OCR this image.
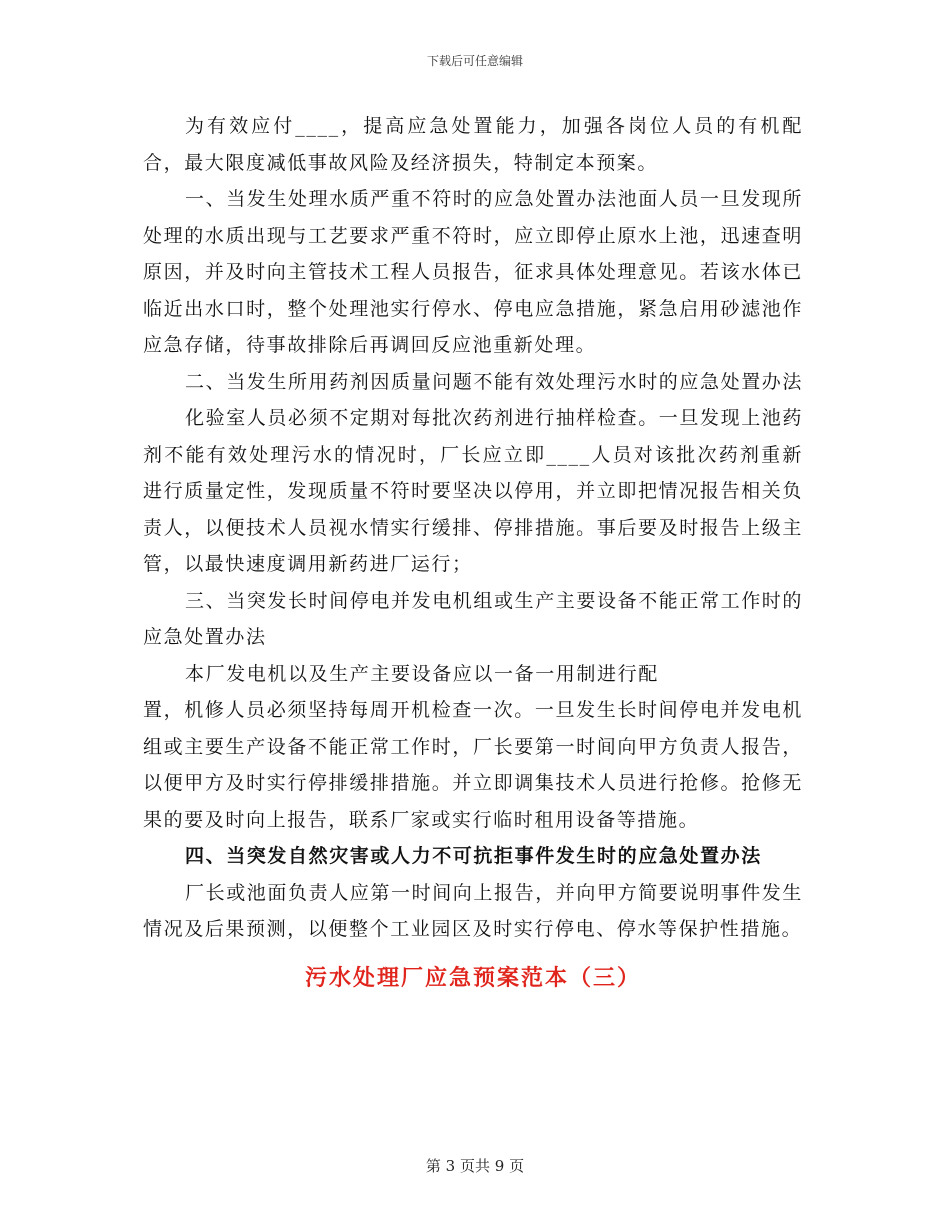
下载后可任意编辑

为有效应付____，提高应急处置能力，加强各岗位人员的有机配合，最大限度减低事故风险及经济损失，特制定本预案。

一、当发生处理水质严重不符时的应急处置办法池面人员一旦发现所处理的水质出现与工艺要求严重不符时，应立即停止原水上池，迅速查明原因，并及时向主管技术工程人员报告，征求具体处理意见。若该水体已临近出水口时，整个处理池实行停水、停电应急措施，紧急启用砂滤池作应急存储，待事故排除后再调回反应池重新处理。

二、当发生所用药剂因质量问题不能有效处理污水时的应急处置办法

化验室人员必须不定期对每批次药剂进行抽样检查。一旦发现上池药剂不能有效处理污水的情况时，厂长应立即____人员对该批次药剂重新进行质量定性，发现质量不符时要坚决以停用，并立即把情况报告相关负责人，以便技术人员视水情实行缓排、停排措施。事后要及时报告上级主管，以最快速度调用新药进厂运行；

三、当突发长时间停电并发电机组或生产主要设备不能正常工作时的应急处置办法

本厂发电机以及生产主要设备应以一备一用制进行配

置，机修人员必须坚持每周开机检查一次。一旦发生长时间停电并发电机组或主要生产设备不能正常工作时，厂长要第一时间向甲方负责人报告，以便甲方及时实行停排缓排措施。并立即调集技术人员进行抢修。抢修无果的要及时向上报告，联系厂家或实行临时租用设备等措施。

四、当突发自然灾害或人力不可抗拒事件发生时的应急处置办法

厂长或池面负责人应第一时间向上报告，并向甲方简要说明事件发生情况及后果预测，以便整个工业园区及时实行停电、停水等保护性措施。

污水处理厂应急预案范本（三）
第 3 页共 9 页
